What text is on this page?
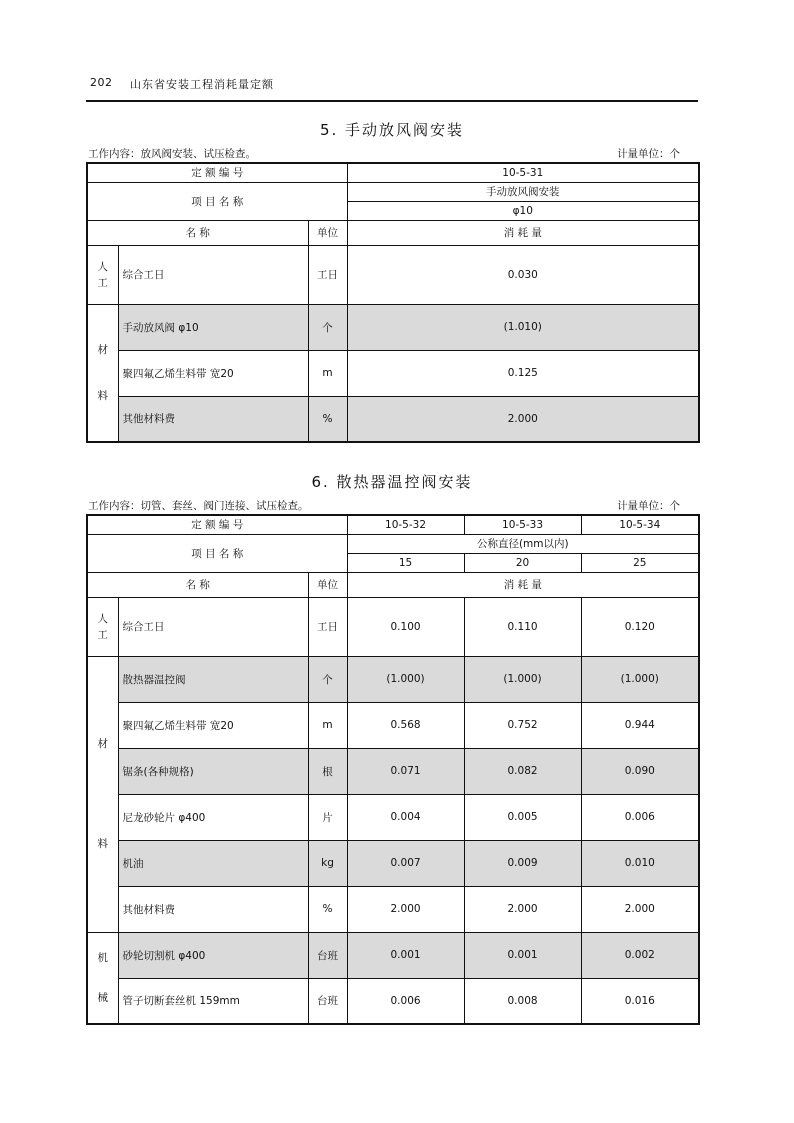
202 山东省安装工程消耗量定额
5. 手动放风阀安装
工作内容：放风阀安装、试压检查。	计量单位：个
定 额 编 号			10-5-31
项 目 名 称			手动放风阀安装
			φ10
名 称		单位	消 耗 量

人
工	综合工日	工日	0.030

材
料	手动放风阀 φ10	个	(1.010)
	聚四氟乙烯生料带 宽20	m	0.125
	其他材料费	%	2.000
6. 散热器温控阀安装
工作内容：切管、套丝、阀门连接、试压检查。	计量单位：个
定 额 编 号			10-5-32	10-5-33	10-5-34
项 目 名 称			公称直径(mm以内)		
			15	20	25
名 称		单位	消 耗 量		

人
工	综合工日	工日	0.100	0.110	0.120

材
料	散热器温控阀	个	(1.000)	(1.000)	(1.000)
	聚四氟乙烯生料带 宽20	m	0.568	0.752	0.944
	锯条(各种规格)	根	0.071	0.082	0.090
	尼龙砂轮片 φ400	片	0.004	0.005	0.006
	机油	kg	0.007	0.009	0.010
	其他材料费	%	2.000	2.000	2.000

机
械	砂轮切割机 φ400	台班	0.001	0.001	0.002
	管子切断套丝机 159mm	台班	0.006	0.008	0.016
